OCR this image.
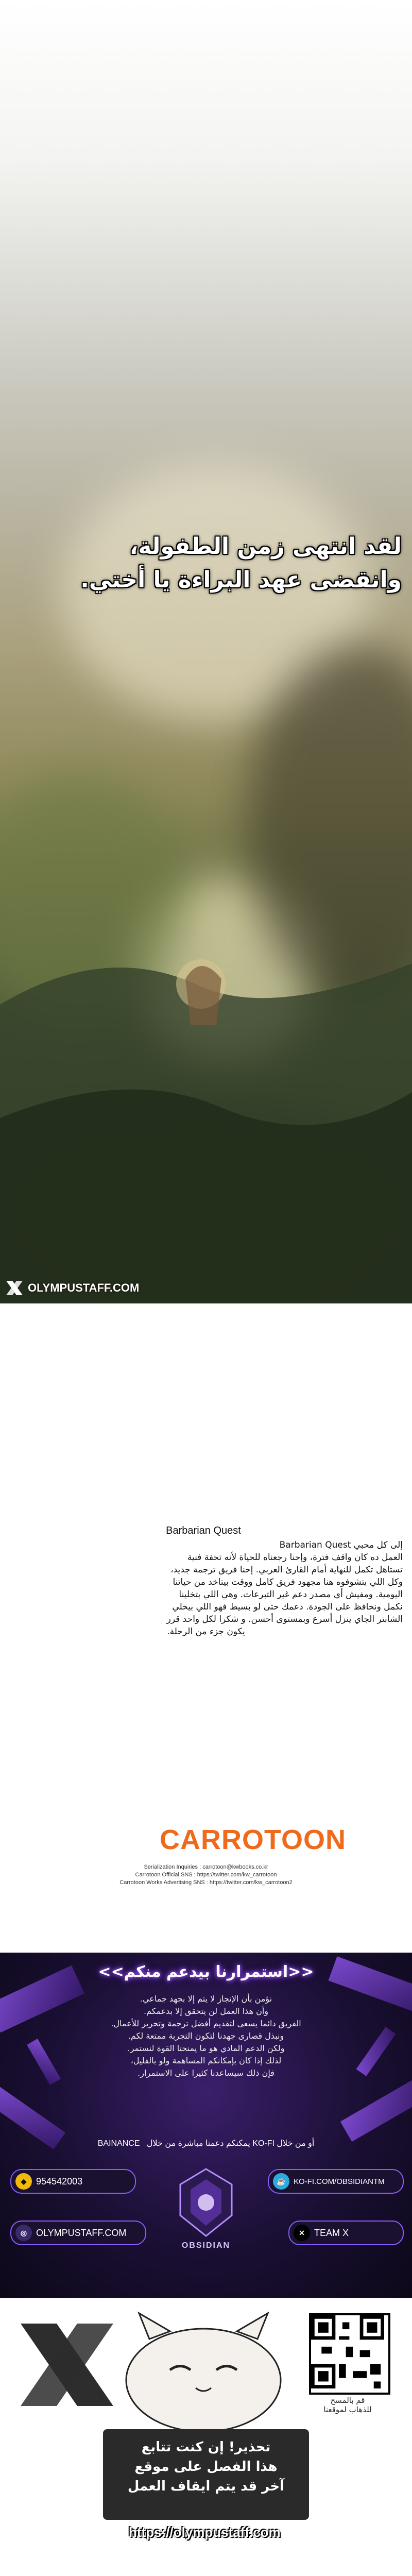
لقد انتهى زمن الطفولة،
وانقضى عهد البراءة يا أختي.
OLYMPUSTAFF.COM
Barbarian Quest
إلى كل محبي Barbarian Quest
العمل ده كان واقف فترة، وإحنا رجعناه للحياة لأنه تحفة فنية
تستاهل تكمل للنهاية أمام القارئ العربي. إحنا فريق ترجمة جديد،
وكل اللي بتشوفوه هنا مجهود فريق كامل ووقت بيتاخد من حياتنا
اليومية. ومفيش أي مصدر دعم غير التبرعات. وهي اللي بتخلينا
نكمل ونحافظ على الجودة. دعمك حتى لو بسيط فهو اللي بيخلي
الشابتر الجاي ينزل أسرع وبمستوى أحسن. و شكرا لكل واحد قرر
يكون جزء من الرحلة.
CARROTOON
Serialization Inquiries : carrotoon@kwbooks.co.kr
Carrotoon Official SNS : https://twitter.com/kw_carrotoon
Carrotoon Works Advertising SNS : https://twitter.com/kw_carrotoon2
<<استمرارنا بيدعم منكم>>
نؤمن بأن الإنجاز لا يتم إلا بجهد جماعي.
وأن هذا العمل لن يتحقق إلا بدعمكم.
الفريق دائما يسعى لتقديم أفضل ترجمة وتحرير للأعمال.
ونبذل قصارى جهدنا لتكون التجربة ممتعة لكم.
ولكن الدعم المادي هو ما يمنحنا القوة لنستمر.
لذلك إذا كان بإمكانكم المساهمة ولو بالقليل،
فإن ذلك سيساعدنا كثيرا على الاستمرار.
BAINANCE يمكنكم دعمنا مباشرة من خلال KO-FI أو من خلال
◆	954542003
◎ OLYMPUSTAFF.COM
☕	KO-FI.COM/OBSIDIANTM
✕	TEAM X
OBSIDIAN
قم بالمسح
للذهاب لموقعنا
تحذير! إن كنت تتابع
هذا الفصل على موقع
آخر قد يتم ايقاف العمل
https://olympustaff.com
